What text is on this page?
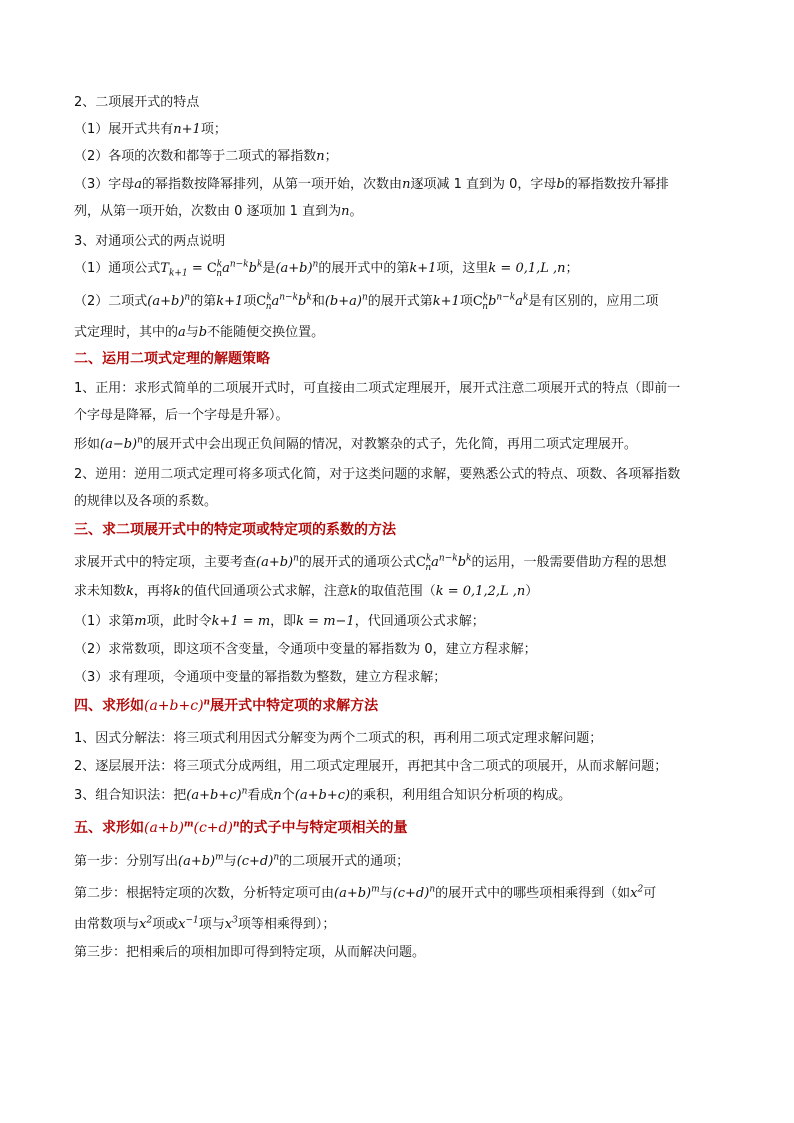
2、二项展开式的特点
（1）展开式共有n+1项；
（2）各项的次数和都等于二项式的幂指数n；
（3）字母a的幂指数按降幂排列，从第一项开始，次数由n逐项减 1 直到为 0，字母b的幂指数按升幂排
列，从第一项开始，次数由 0 逐项加 1 直到为n。
3、对通项公式的两点说明
（1）通项公式$T_{k+1} = C^k_na^{n-k}b^k$是$(a+b)^n$的展开式中的第k+1项，这里k = 0,1,L ,n；
（2）二项式$(a+b)^n$的第k+1项$C^k_na^{n-k}b^k$和$(b+a)^n$的展开式第k+1项$C^k_nb^{n-k}a^k$是有区别的，应用二项
式定理时，其中的a与b不能随便交换位置。
二、运用二项式定理的解题策略
1、正用：求形式简单的二项展开式时，可直接由二项式定理展开，展开式注意二项展开式的特点（即前一
个字母是降幂，后一个字母是升幂）。
形如$(a-b)^n$的展开式中会出现正负间隔的情况，对教繁杂的式子，先化简，再用二项式定理展开。
2、逆用：逆用二项式定理可将多项式化简，对于这类问题的求解，要熟悉公式的特点、项数、各项幂指数
的规律以及各项的系数。
三、求二项展开式中的特定项或特定项的系数的方法
求展开式中的特定项，主要考查$(a+b)^n$的展开式的通项公式$C^k_na^{n-k}b^k$的运用，一般需要借助方程的思想
求未知数k，再将k的值代回通项公式求解，注意k的取值范围（k = 0,1,2,L ,n）
（1）求第m项，此时令k+1 = m，即k = m−1，代回通项公式求解；
（2）求常数项，即这项不含变量，令通项中变量的幂指数为 0，建立方程求解；
（3）求有理项，令通项中变量的幂指数为整数，建立方程求解；
四、求形如$(a+b+c)^n$展开式中特定项的求解方法
1、因式分解法：将三项式利用因式分解变为两个二项式的积，再利用二项式定理求解问题；
2、逐层展开法：将三项式分成两组，用二项式定理展开，再把其中含二项式的项展开，从而求解问题；
3、组合知识法：把$(a+b+c)^n$看成n个(a+b+c)的乘积，利用组合知识分析项的构成。
五、求形如$(a+b)^m(c+d)^n$的式子中与特定项相关的量
第一步：分别写出$(a+b)^m$与$(c+d)^n$的二项展开式的通项；
第二步：根据特定项的次数，分析特定项可由$(a+b)^m$与$(c+d)^n$的展开式中的哪些项相乘得到（如$x^2$可
由常数项与$x^2$项或$x^{-1}$项与$x^3$项等相乘得到）；
第三步：把相乘后的项相加即可得到特定项，从而解决问题。
